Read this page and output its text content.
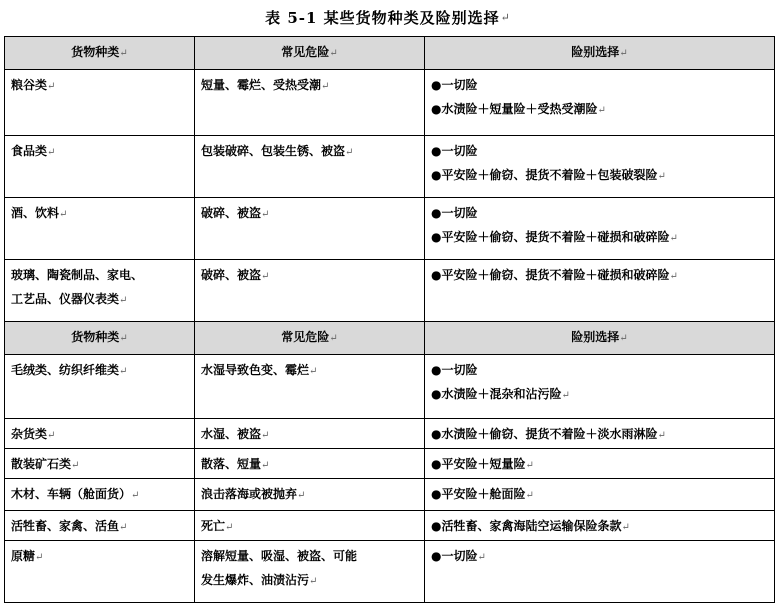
表 5-1 某些货物种类及险别选择 ↵
货物种类↵	常见危险↵	险别选择↵

粮谷类↵	短量、霉烂、受热受潮↵	●一切险
●水渍险＋短量险＋受热受潮险↵

食品类↵	包装破碎、包装生锈、被盗↵	●一切险
●平安险＋偷窃、提货不着险＋包装破裂险↵

酒、饮料↵	破碎、被盗↵	●一切险
●平安险＋偷窃、提货不着险＋碰损和破碎险↵

玻璃、陶瓷制品、家电、
工艺品、仪器仪表类↵	破碎、被盗↵	●平安险＋偷窃、提货不着险＋碰损和破碎险↵

货物种类↵	常见危险↵	险别选择↵

毛绒类、纺织纤维类↵	水湿导致色变、霉烂↵	●一切险
●水渍险＋混杂和沾污险↵

杂货类↵	水湿、被盗↵	●水渍险＋偷窃、提货不着险＋淡水雨淋险↵

散装矿石类↵	散落、短量↵	●平安险＋短量险↵

木材、车辆（舱面货）↵	浪击落海或被抛弃↵	●平安险＋舱面险↵

活牲畜、家禽、活鱼↵	死亡↵	●活牲畜、家禽海陆空运输保险条款↵

原糖↵	溶解短量、吸湿、被盗、可能
发生爆炸、油渍沾污↵	●一切险↵
